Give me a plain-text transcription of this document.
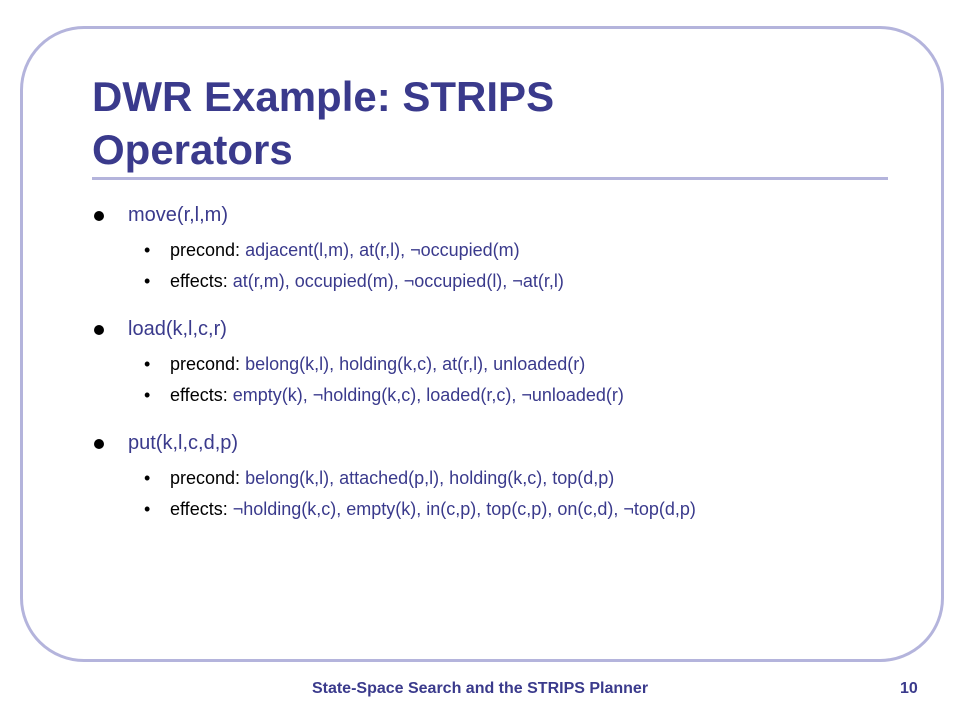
DWR Example: STRIPS
Operators
move(r,l,m)
• precond: adjacent(l,m), at(r,l), ¬occupied(m)
• effects: at(r,m), occupied(m), ¬occupied(l), ¬at(r,l)
load(k,l,c,r)
• precond: belong(k,l), holding(k,c), at(r,l), unloaded(r)
• effects: empty(k), ¬holding(k,c), loaded(r,c), ¬unloaded(r)
put(k,l,c,d,p)
• precond: belong(k,l), attached(p,l), holding(k,c), top(d,p)
• effects: ¬holding(k,c), empty(k), in(c,p), top(c,p), on(c,d), ¬top(d,p)
State-Space Search and the STRIPS Planner	10
